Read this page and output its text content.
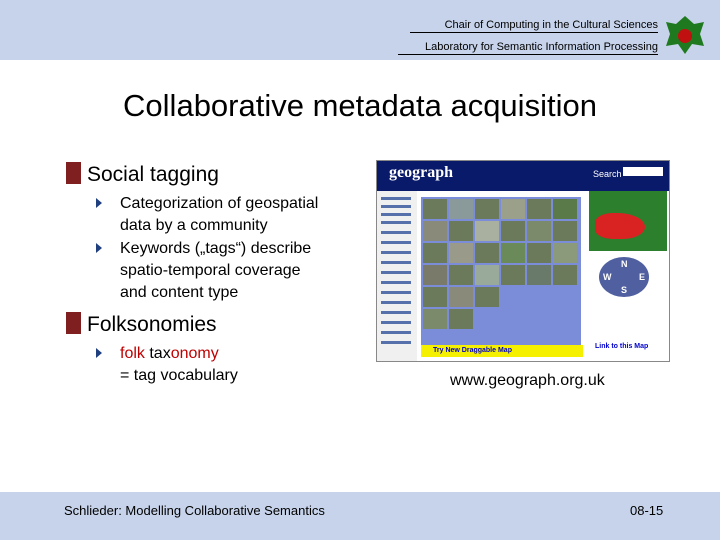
Chair of Computing in the Cultural Sciences
Laboratory for Semantic Information Processing
Collaborative metadata acquisition
Social tagging
Categorization of geospatial
data by a community
Keywords („tags“) describe
spatio-temporal coverage
and content type
Folksonomies
folk taxonomy
= tag vocabulary
geograph	Search
N
W	E
S
Try New Draggable Map
Link to this Map
www.geograph.org.uk
Schlieder: Modelling Collaborative Semantics	08-15
